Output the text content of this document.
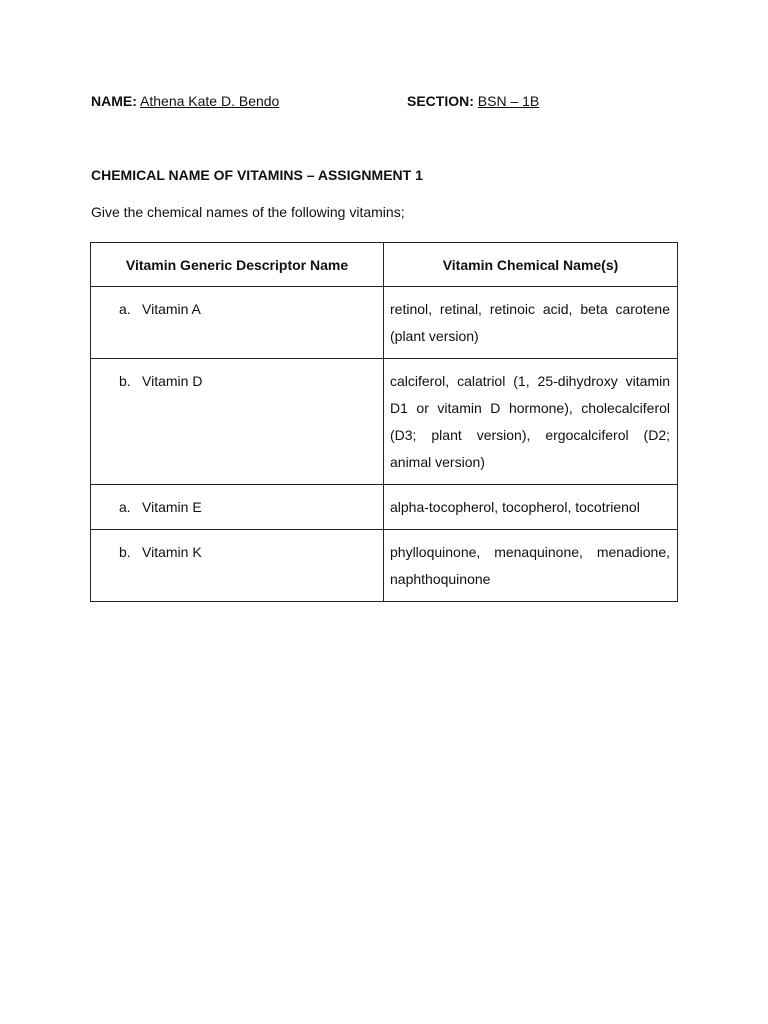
NAME: Athena Kate D. Bendo	SECTION: BSN – 1B
CHEMICAL NAME OF VITAMINS – ASSIGNMENT 1
Give the chemical names of the following vitamins;
Vitamin Generic Descriptor Name	Vitamin Chemical Name(s)
a. Vitamin A	retinol, retinal, retinoic acid, beta carotene (plant version)
b. Vitamin D	calciferol, calatriol (1, 25-dihydroxy vitamin D1 or vitamin D hormone), cholecalciferol (D3; plant version), ergocalciferol (D2; animal version)
a. Vitamin E	alpha-tocopherol, tocopherol, tocotrienol
b. Vitamin K	phylloquinone, menaquinone, menadione, naphthoquinone
